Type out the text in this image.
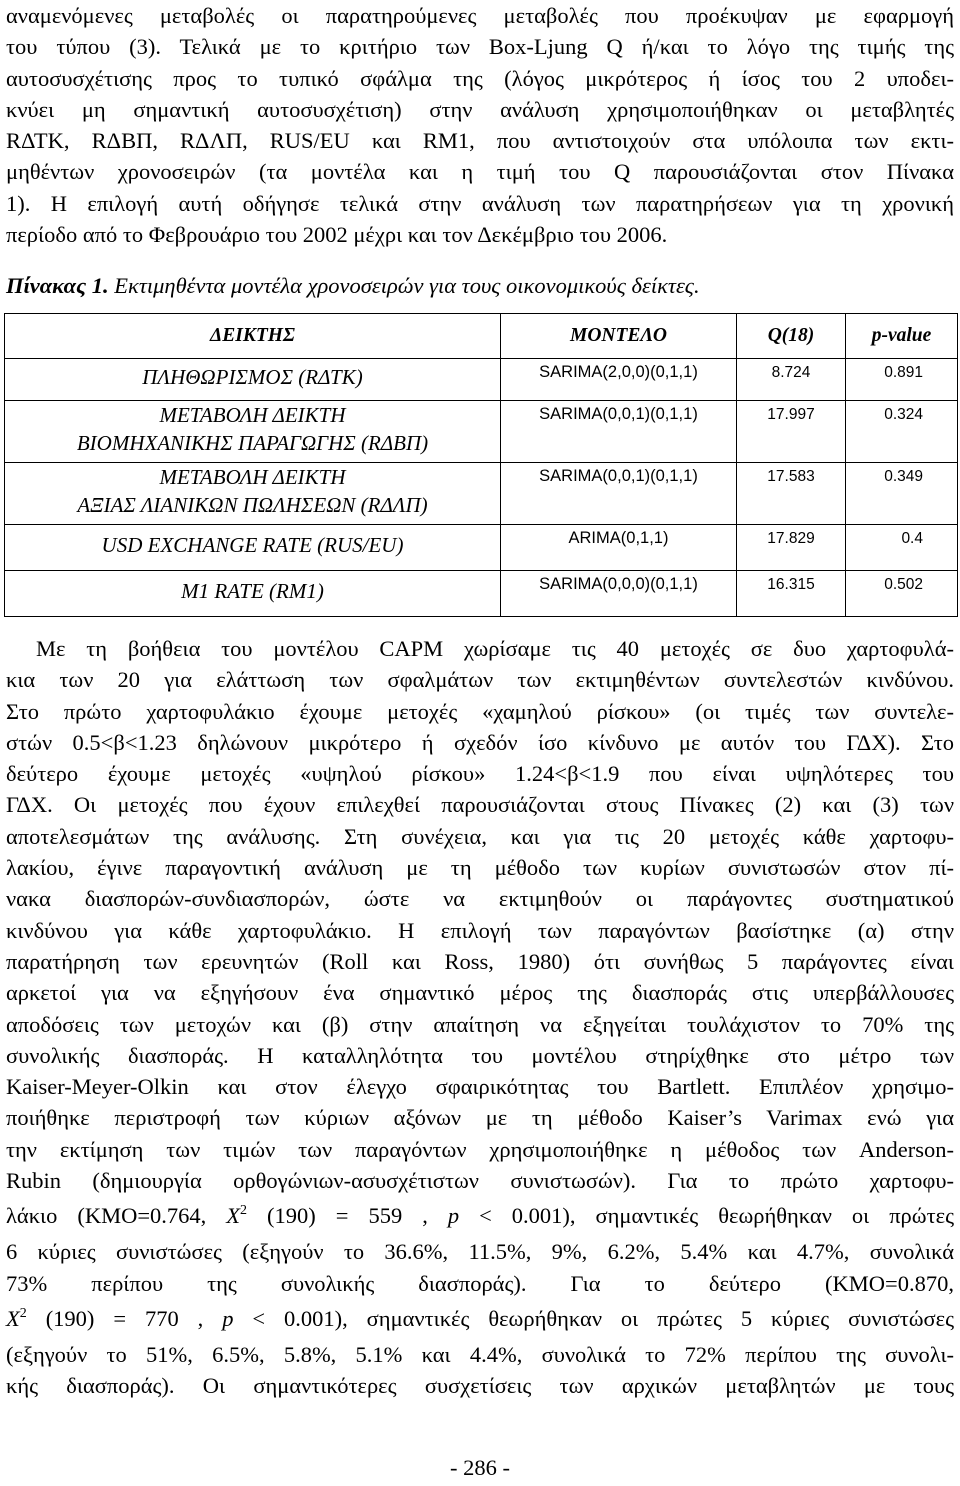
αναμενόμενες μεταβολές οι παρατηρούμενες μεταβολές που προέκυψαν με εφαρμογή
του τύπου (3). Τελικά με το κριτήριο των Box-Ljung Q ή/και το λόγο της τιμής της
αυτοσυσχέτισης προς το τυπικό σφάλμα της (λόγος μικρότερος ή ίσος του 2 υποδει-
κνύει μη σημαντική αυτοσυσχέτιση) στην ανάλυση χρησιμοποιήθηκαν οι μεταβλητές
RΔΤΚ, RΔΒΠ, RΔΛΠ, RUS/EU και RM1, που αντιστοιχούν στα υπόλοιπα των εκτι-
μηθέντων χρονοσειρών (τα μοντέλα και η τιμή του Q παρουσιάζονται στον Πίνακα
1). Η επιλογή αυτή οδήγησε τελικά στην ανάλυση των παρατηρήσεων για τη χρονική
περίοδο από το Φεβρουάριο του 2002 μέχρι και τον Δεκέμβριο του 2006.
Πίνακας 1. Εκτιμηθέντα μοντέλα χρονοσειρών για τους οικονομικούς δείκτες.
ΔΕΙΚΤΗΣ	ΜΟΝΤΕΛΟ	Q(18)	p-value
ΠΛΗΘΩΡΙΣΜΟΣ (RΔΤΚ)	SARIMA(2,0,0)(0,1,1)	8.724	0.891

ΜΕΤΑΒΟΛΗ ΔΕΙΚΤΗ
ΒΙΟΜΗΧΑΝΙΚΗΣ ΠΑΡΑΓΩΓΗΣ (RΔΒΠ)	SARIMA(0,0,1)(0,1,1)	17.997	0.324

ΜΕΤΑΒΟΛΗ ΔΕΙΚΤΗ
ΑΞΙΑΣ ΛΙΑΝΙΚΩΝ ΠΩΛΗΣΕΩΝ (RΔΛΠ)	SARIMA(0,0,1)(0,1,1)	17.583	0.349
USD EXCHANGE RATE (RUS/EU)	ARIMA(0,1,1)	17.829	0.4
M1 RATE (RM1)	SARIMA(0,0,0)(0,1,1)	16.315	0.502
Με τη βοήθεια του μοντέλου CAPM χωρίσαμε τις 40 μετοχές σε δυο χαρτοφυλά-
κια των 20 για ελάττωση των σφαλμάτων των εκτιμηθέντων συντελεστών κινδύνου.
Στο πρώτο χαρτοφυλάκιο έχουμε μετοχές «χαμηλού ρίσκου» (οι τιμές των συντελε-
στών 0.5<β<1.23 δηλώνουν μικρότερο ή σχεδόν ίσο κίνδυνο με αυτόν του ΓΔΧ). Στο
δεύτερο έχουμε μετοχές «υψηλού ρίσκου» 1.24<β<1.9 που είναι υψηλότερες του
ΓΔΧ. Οι μετοχές που έχουν επιλεχθεί παρουσιάζονται στους Πίνακες (2) και (3) των
αποτελεσμάτων της ανάλυσης. Στη συνέχεια, και για τις 20 μετοχές κάθε χαρτοφυ-
λακίου, έγινε παραγοντική ανάλυση με τη μέθοδο των κυρίων συνιστωσών στον πί-
νακα διασπορών-συνδιασπορών, ώστε να εκτιμηθούν οι παράγοντες συστηματικού
κινδύνου για κάθε χαρτοφυλάκιο. Η επιλογή των παραγόντων βασίστηκε (α) στην
παρατήρηση των ερευνητών (Roll και Ross, 1980) ότι συνήθως 5 παράγοντες είναι
αρκετοί για να εξηγήσουν ένα σημαντικό μέρος της διασποράς στις υπερβάλλουσες
αποδόσεις των μετοχών και (β) στην απαίτηση να εξηγείται τουλάχιστον το 70% της
συνολικής διασποράς. Η καταλληλότητα του μοντέλου στηρίχθηκε στο μέτρο των
Kaiser-Meyer-Olkin και στον έλεγχο σφαιρικότητας του Bartlett. Επιπλέον χρησιμο-
ποιήθηκε περιστροφή των κύριων αξόνων με τη μέθοδο Kaiser’s Varimax ενώ για
την εκτίμηση των τιμών των παραγόντων χρησιμοποιήθηκε η μέθοδος των Anderson-
Rubin (δημιουργία ορθογώνιων-ασυσχέτιστων συνιστωσών). Για το πρώτο χαρτοφυ-
λάκιο (ΚΜΟ=0.764, $X^2$ (190) = 559 , p < 0.001), σημαντικές θεωρήθηκαν οι πρώτες
6 κύριες συνιστώσες (εξηγούν το 36.6%, 11.5%, 9%, 6.2%, 5.4% και 4.7%, συνολικά
73% περίπου της συνολικής διασποράς). Για το δεύτερο (ΚΜΟ=0.870,
$X^2$ (190) = 770 , p < 0.001), σημαντικές θεωρήθηκαν οι πρώτες 5 κύριες συνιστώσες
(εξηγούν το 51%, 6.5%, 5.8%, 5.1% και 4.4%, συνολικά το 72% περίπου της συνολι-
κής διασποράς). Οι σημαντικότερες συσχετίσεις των αρχικών μεταβλητών με τους
- 286 -
